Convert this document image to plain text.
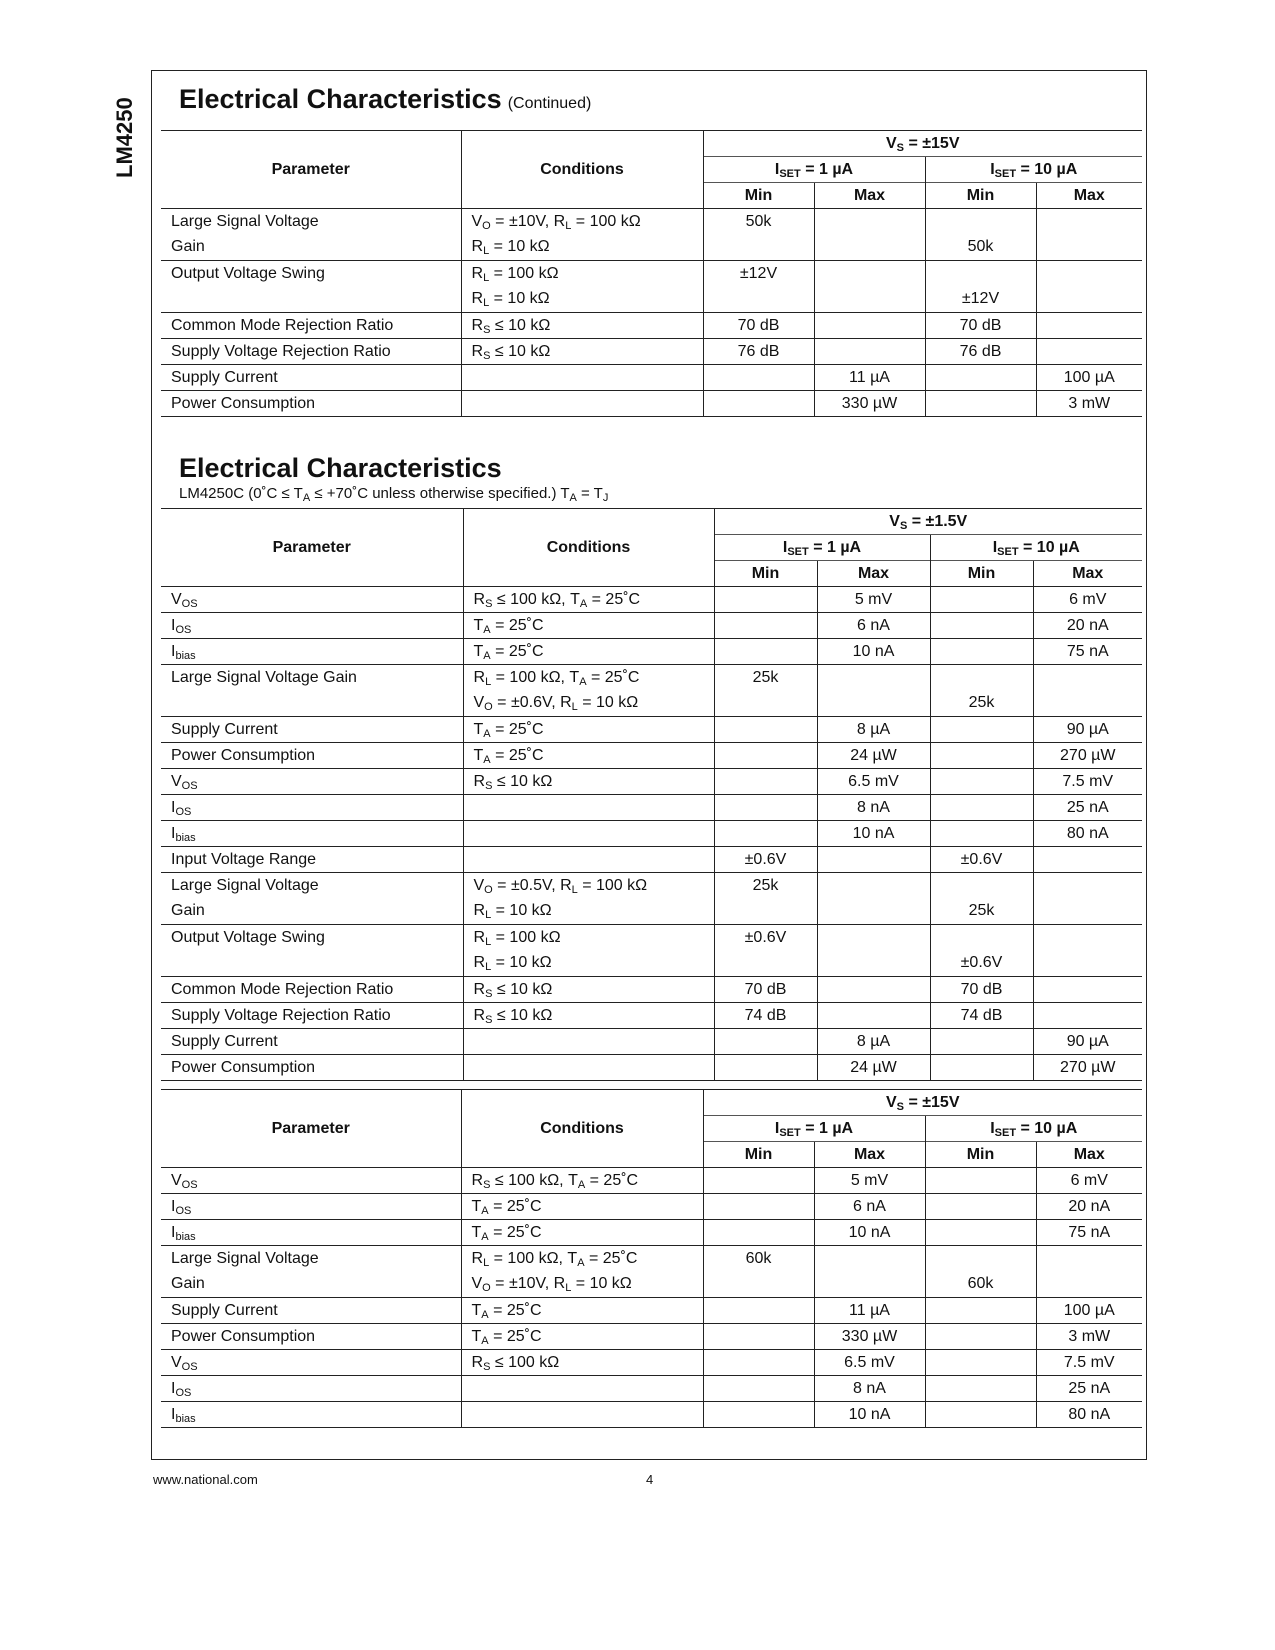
LM4250 Electrical Characteristics (Continued)
Parameter	Conditions	$V_S = \pm 15V$			
		$I_{SET} = 1$ µA		$I_{SET} = 10$ µA	
		Min	Max	Min	Max
Large Signal Voltage	$V_O = \pm 10V$, $R_L = 100$ kΩ	50k			
Gain	$R_L = 10$ kΩ			50k	
Output Voltage Swing	$R_L = 100$ kΩ	±12V			
	$R_L = 10$ kΩ			±12V	
Common Mode Rejection Ratio	$R_S \le 10$ kΩ	70 dB		70 dB	
Supply Voltage Rejection Ratio	$R_S \le 10$ kΩ	76 dB		76 dB	
Supply Current			11 µA		100 µA
Power Consumption			330 µW		3 mW
Electrical Characteristics
LM4250C (0˚C ≤ $T_A$ ≤ +70˚C unless otherwise specified.) $T_A = T_J$
Parameter	Conditions	$V_S = \pm 1.5V$			
		$I_{SET} = 1$ µA		$I_{SET} = 10$ µA	
		Min	Max	Min	Max
$V_{OS}$	$R_S \le 100$ kΩ, $T_A$ = 25˚C		5 mV		6 mV
$I_{OS}$	$T_A$ = 25˚C		6 nA		20 nA
$I_{bias}$	$T_A$ = 25˚C		10 nA		75 nA
Large Signal Voltage Gain	$R_L = 100$ kΩ, $T_A$ = 25˚C	25k			
	$V_O = \pm 0.6V$, $R_L = 10$ kΩ			25k	
Supply Current	$T_A$ = 25˚C		8 µA		90 µA
Power Consumption	$T_A$ = 25˚C		24 µW		270 µW
$V_{OS}$	$R_S \le 10$ kΩ		6.5 mV		7.5 mV
$I_{OS}$			8 nA		25 nA
$I_{bias}$			10 nA		80 nA
Input Voltage Range		±0.6V		±0.6V	
Large Signal Voltage	$V_O = \pm 0.5V$, $R_L = 100$ kΩ	25k			
Gain	$R_L = 10$ kΩ			25k	
Output Voltage Swing	$R_L = 100$ kΩ	±0.6V			
	$R_L = 10$ kΩ			±0.6V	
Common Mode Rejection Ratio	$R_S \le 10$ kΩ	70 dB		70 dB	
Supply Voltage Rejection Ratio	$R_S \le 10$ kΩ	74 dB		74 dB	
Supply Current			8 µA		90 µA
Power Consumption			24 µW		270 µW
Parameter	Conditions	$V_S = \pm 15V$			
		$I_{SET} = 1$ µA		$I_{SET} = 10$ µA	
		Min	Max	Min	Max
$V_{OS}$	$R_S \le 100$ kΩ, $T_A$ = 25˚C		5 mV		6 mV
$I_{OS}$	$T_A$ = 25˚C		6 nA		20 nA
$I_{bias}$	$T_A$ = 25˚C		10 nA		75 nA
Large Signal Voltage	$R_L = 100$ kΩ, $T_A$ = 25˚C	60k			
Gain	$V_O = \pm 10V$, $R_L = 10$ kΩ			60k	
Supply Current	$T_A$ = 25˚C		11 µA		100 µA
Power Consumption	$T_A$ = 25˚C		330 µW		3 mW
$V_{OS}$	$R_S \le 100$ kΩ		6.5 mV		7.5 mV
$I_{OS}$			8 nA		25 nA
$I_{bias}$			10 nA		80 nA
www.national.com	4
